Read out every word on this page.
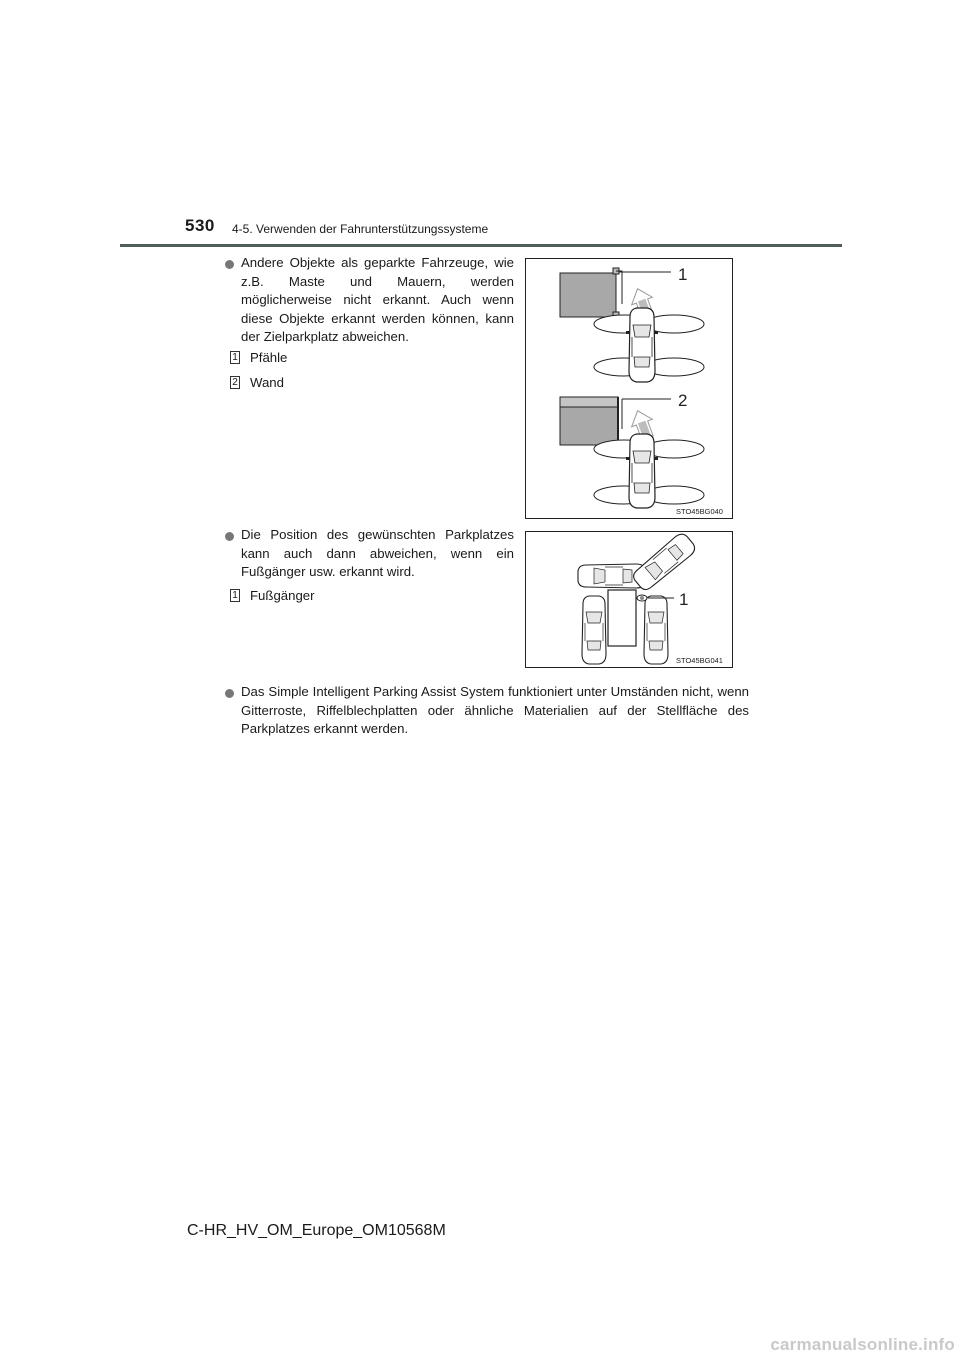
530 4-5. Verwenden der Fahrunterstützungssysteme
Andere Objekte als geparkte Fahrzeuge, wie z.B. Maste und Mauern, werden möglicherweise nicht erkannt. Auch wenn diese Objekte erkannt werden können, kann der Zielparkplatz abweichen.
1 Pfähle
2 Wand
1
2
STO45BG040
Die Position des gewünschten Parkplatzes kann auch dann abweichen, wenn ein Fußgänger usw. erkannt wird.
1 Fußgänger	1
STO45BG041
Das Simple Intelligent Parking Assist System funktioniert unter Umständen nicht, wenn Gitterroste, Riffelblechplatten oder ähnliche Materialien auf der Stellfläche des Parkplatzes erkannt werden.
C-HR_HV_OM_Europe_OM10568M
carmanualsonline.info
